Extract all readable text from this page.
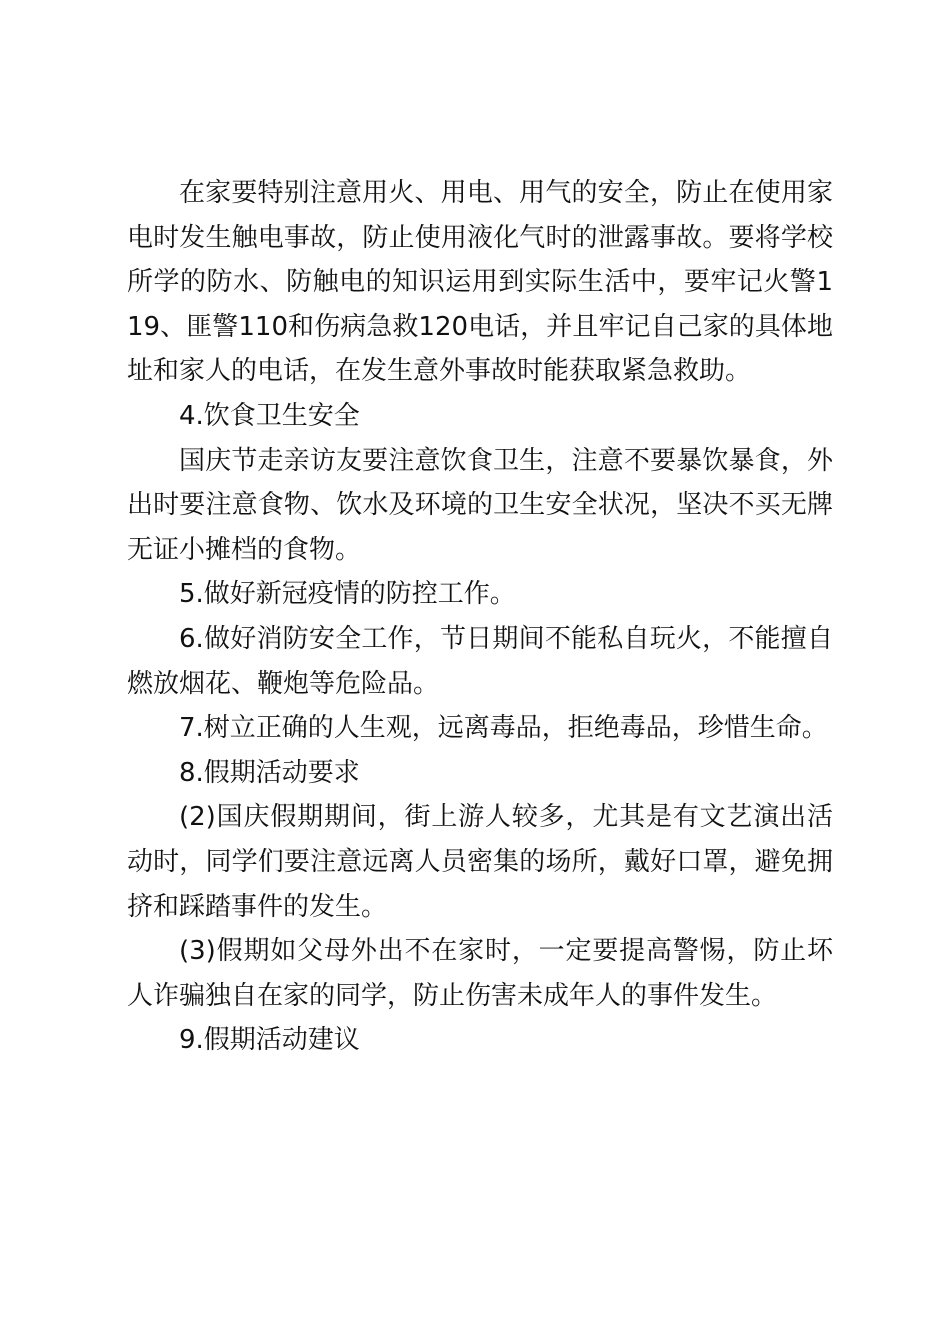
在家要特别注意用火、用电、用气的安全，防止在使用家电时发生触电事故，防止使用液化气时的泄露事故。要将学校所学的防水、防触电的知识运用到实际生活中，要牢记火警119、匪警110和伤病急救120电话，并且牢记自己家的具体地址和家人的电话，在发生意外事故时能获取紧急救助。

4.饮食卫生安全

国庆节走亲访友要注意饮食卫生，注意不要暴饮暴食，外出时要注意食物、饮水及环境的卫生安全状况，坚决不买无牌无证小摊档的食物。

5.做好新冠疫情的防控工作。

6.做好消防安全工作，节日期间不能私自玩火，不能擅自燃放烟花、鞭炮等危险品。

7.树立正确的人生观，远离毒品，拒绝毒品，珍惜生命。

8.假期活动要求

(2)国庆假期期间，街上游人较多，尤其是有文艺演出活动时，同学们要注意远离人员密集的场所，戴好口罩，避免拥挤和踩踏事件的发生。

(3)假期如父母外出不在家时，一定要提高警惕，防止坏人诈骗独自在家的同学，防止伤害未成年人的事件发生。

9.假期活动建议
